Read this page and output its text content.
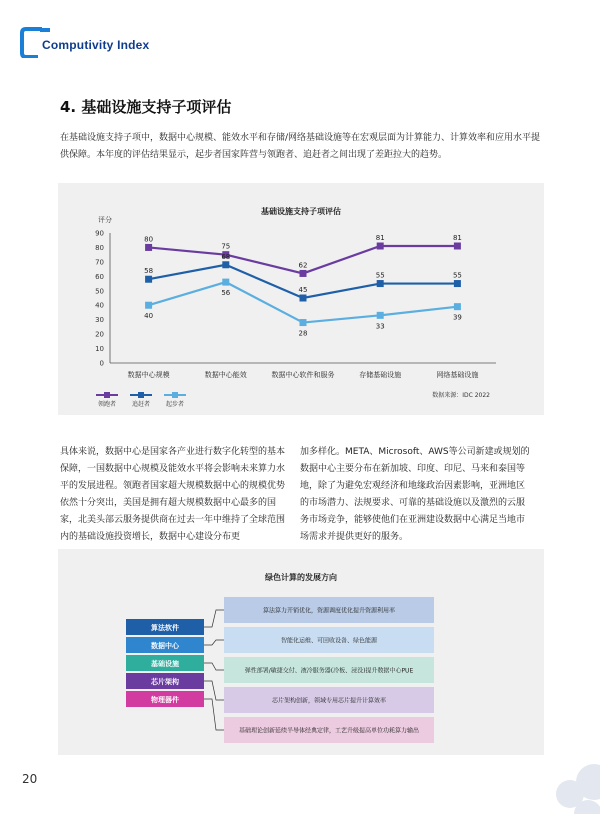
Computivity Index
4. 基础设施支持子项评估
在基础设施支持子项中，数据中心规模、能效水平和存储/网络基础设施等在宏观层面为计算能力、计算效率和应用水平提供保障。本年度的评估结果显示，起步者国家阵营与领跑者、追赶者之间出现了差距拉大的趋势。
基础设施支持子项评估
评分
0
10
20
30
40
50
60
70
80
90
数据中心规模	数据中心能效	数据中心软件和服务	存储基础设施	网络基础设施
80
75
62
81	81
58
68
45
55	55
40
56
28
33
39
领跑者	追赶者	起步者
数据来源：IDC 2022
具体来说，数据中心是国家各产业进行数字化转型的基本保障，一国数据中心规模及能效水平将会影响未来算力水平的发展进程。领跑者国家超大规模数据中心的规模优势依然十分突出，美国是拥有超大规模数据中心最多的国家，北美头部云服务提供商在过去一年中维持了全球范围内的基础设施投资增长，数据中心建设分布更
加多样化。META、Microsoft、AWS等公司新建或规划的数据中心主要分布在新加坡、印度、印尼、马来和泰国等地，除了为避免宏观经济和地缘政治因素影响，亚洲地区的市场潜力、法规要求、可靠的基础设施以及激烈的云服务市场竞争，能够使他们在亚洲建设数据中心满足当地市场需求并提供更好的服务。
绿色计算的发展方向
算法算力开销优化，资源调度优化提升资源利用率
算法软件
智能化运维、可回收设备、绿色能源
数据中心
弹性部署/敏捷交付、液冷服务器(冷板、浸没)提升数据中心PUE
基础设施
芯片架构创新，领域专用芯片提升计算效率
芯片架构
基础理论创新延续半导体经典定律，工艺升级提高单位功耗算力输出
物理器件
20
